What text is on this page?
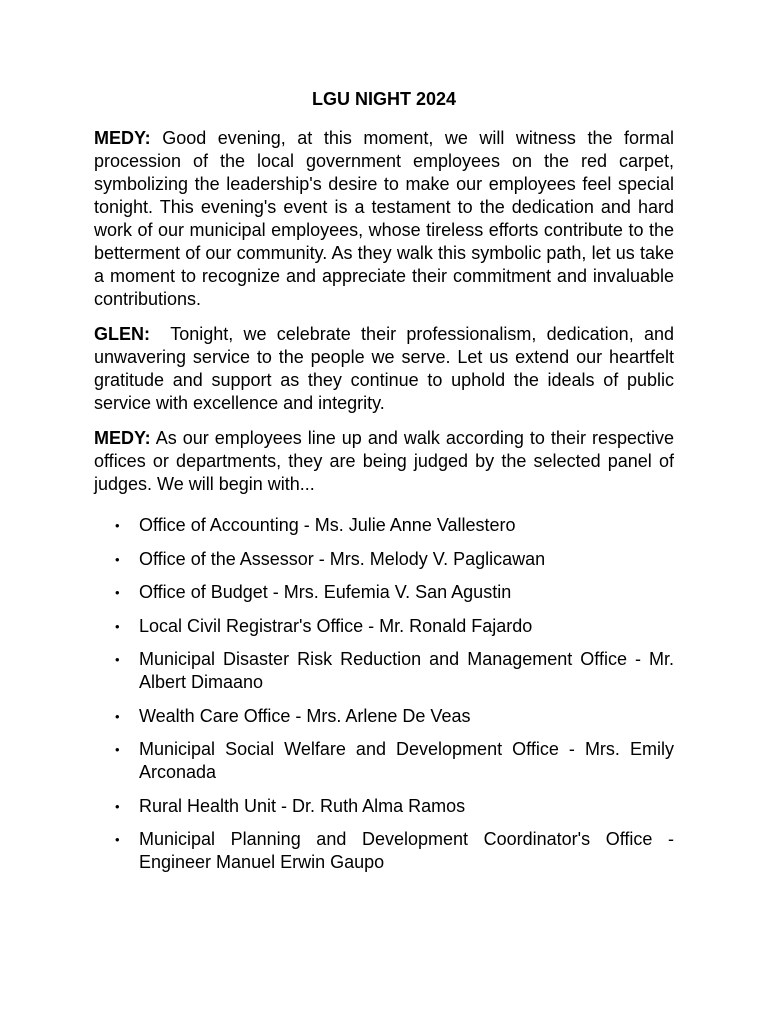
LGU NIGHT 2024

MEDY: Good evening, at this moment, we will witness the formal procession of the local government employees on the red carpet, symbolizing the leadership's desire to make our employees feel special tonight. This evening's event is a testament to the dedication and hard work of our municipal employees, whose tireless efforts contribute to the betterment of our community. As they walk this symbolic path, let us take a moment to recognize and appreciate their commitment and invaluable contributions.

GLEN: Tonight, we celebrate their professionalism, dedication, and unwavering service to the people we serve. Let us extend our heartfelt gratitude and support as they continue to uphold the ideals of public service with excellence and integrity.

MEDY: As our employees line up and walk according to their respective offices or departments, they are being judged by the selected panel of judges. We will begin with...

• Office of Accounting - Ms. Julie Anne Vallestero
• Office of the Assessor - Mrs. Melody V. Paglicawan
• Office of Budget - Mrs. Eufemia V. San Agustin
• Local Civil Registrar's Office - Mr. Ronald Fajardo
• Municipal Disaster Risk Reduction and Management Office - Mr. Albert Dimaano
• Wealth Care Office - Mrs. Arlene De Veas
• Municipal Social Welfare and Development Office - Mrs. Emily Arconada
• Rural Health Unit - Dr. Ruth Alma Ramos
• Municipal Planning and Development Coordinator's Office - Engineer Manuel Erwin Gaupo
